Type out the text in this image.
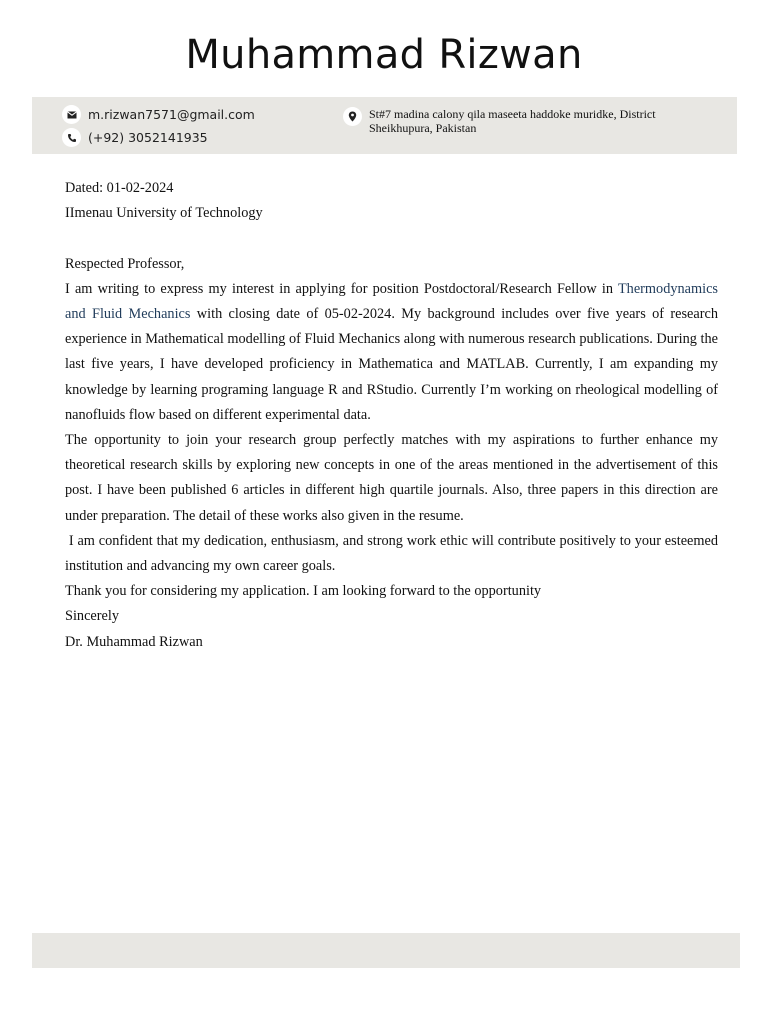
Muhammad Rizwan
m.rizwan7571@gmail.com
(+92) 3052141935
St#7 madina calony qila maseeta haddoke muridke, District Sheikhupura, Pakistan

Dated: 01-02-2024

IImenau University of Technology

Respected Professor,

I am writing to express my interest in applying for position Postdoctoral/Research Fellow in Thermodynamics and Fluid Mechanics with closing date of 05-02-2024. My background includes over five years of research experience in Mathematical modelling of Fluid Mechanics along with numerous research publications. During the last five years, I have developed proficiency in Mathematica and MATLAB. Currently, I am expanding my knowledge by learning programing language R and RStudio. Currently I’m working on rheological modelling of nanofluids flow based on different experimental data.

The opportunity to join your research group perfectly matches with my aspirations to further enhance my theoretical research skills by exploring new concepts in one of the areas mentioned in the advertisement of this post. I have been published 6 articles in different high quartile journals. Also, three papers in this direction are under preparation. The detail of these works also given in the resume.

I am confident that my dedication, enthusiasm, and strong work ethic will contribute positively to your esteemed institution and advancing my own career goals.

Thank you for considering my application. I am looking forward to the opportunity

Sincerely

Dr. Muhammad Rizwan
